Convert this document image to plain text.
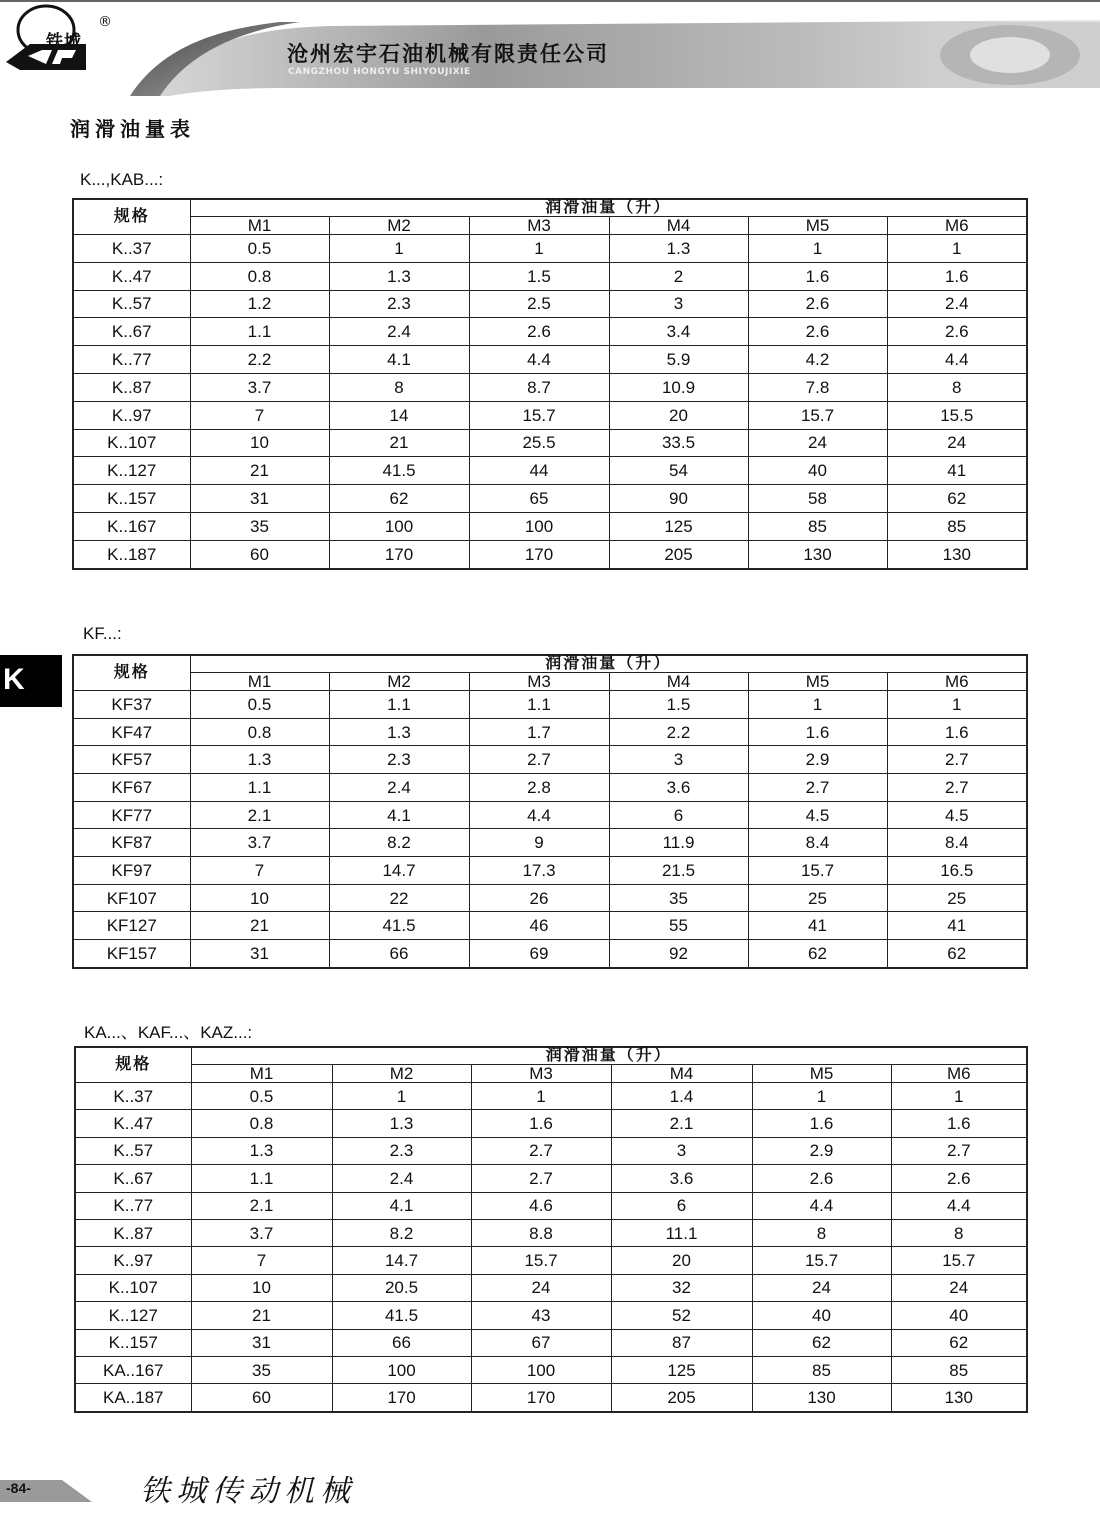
铁城
®
沧州宏宇石油机械有限责任公司
CANGZHOU HONGYU SHIYOUJIXIE
润滑油量表
K...,KAB...:
规格	润滑油量（升）					
	M1	M2	M3	M4	M5	M6
K..37	0.5	1	1	1.3	1	1
K..47	0.8	1.3	1.5	2	1.6	1.6
K..57	1.2	2.3	2.5	3	2.6	2.4
K..67	1.1	2.4	2.6	3.4	2.6	2.6
K..77	2.2	4.1	4.4	5.9	4.2	4.4
K..87	3.7	8	8.7	10.9	7.8	8
K..97	7	14	15.7	20	15.7	15.5
K..107	10	21	25.5	33.5	24	24
K..127	21	41.5	44	54	40	41
K..157	31	62	65	90	58	62
K..167	35	100	100	125	85	85
K..187	60	170	170	205	130	130
K
KF...:
规格	润滑油量（升）					
	M1	M2	M3	M4	M5	M6
KF37	0.5	1.1	1.1	1.5	1	1
KF47	0.8	1.3	1.7	2.2	1.6	1.6
KF57	1.3	2.3	2.7	3	2.9	2.7
KF67	1.1	2.4	2.8	3.6	2.7	2.7
KF77	2.1	4.1	4.4	6	4.5	4.5
KF87	3.7	8.2	9	11.9	8.4	8.4
KF97	7	14.7	17.3	21.5	15.7	16.5
KF107	10	22	26	35	25	25
KF127	21	41.5	46	55	41	41
KF157	31	66	69	92	62	62
KA...、KAF...、KAZ...:
规格	润滑油量（升）					
	M1	M2	M3	M4	M5	M6
K..37	0.5	1	1	1.4	1	1
K..47	0.8	1.3	1.6	2.1	1.6	1.6
K..57	1.3	2.3	2.7	3	2.9	2.7
K..67	1.1	2.4	2.7	3.6	2.6	2.6
K..77	2.1	4.1	4.6	6	4.4	4.4
K..87	3.7	8.2	8.8	11.1	8	8
K..97	7	14.7	15.7	20	15.7	15.7
K..107	10	20.5	24	32	24	24
K..127	21	41.5	43	52	40	40
K..157	31	66	67	87	62	62
KA..167	35	100	100	125	85	85
KA..187	60	170	170	205	130	130
-84-	铁城传动机械
